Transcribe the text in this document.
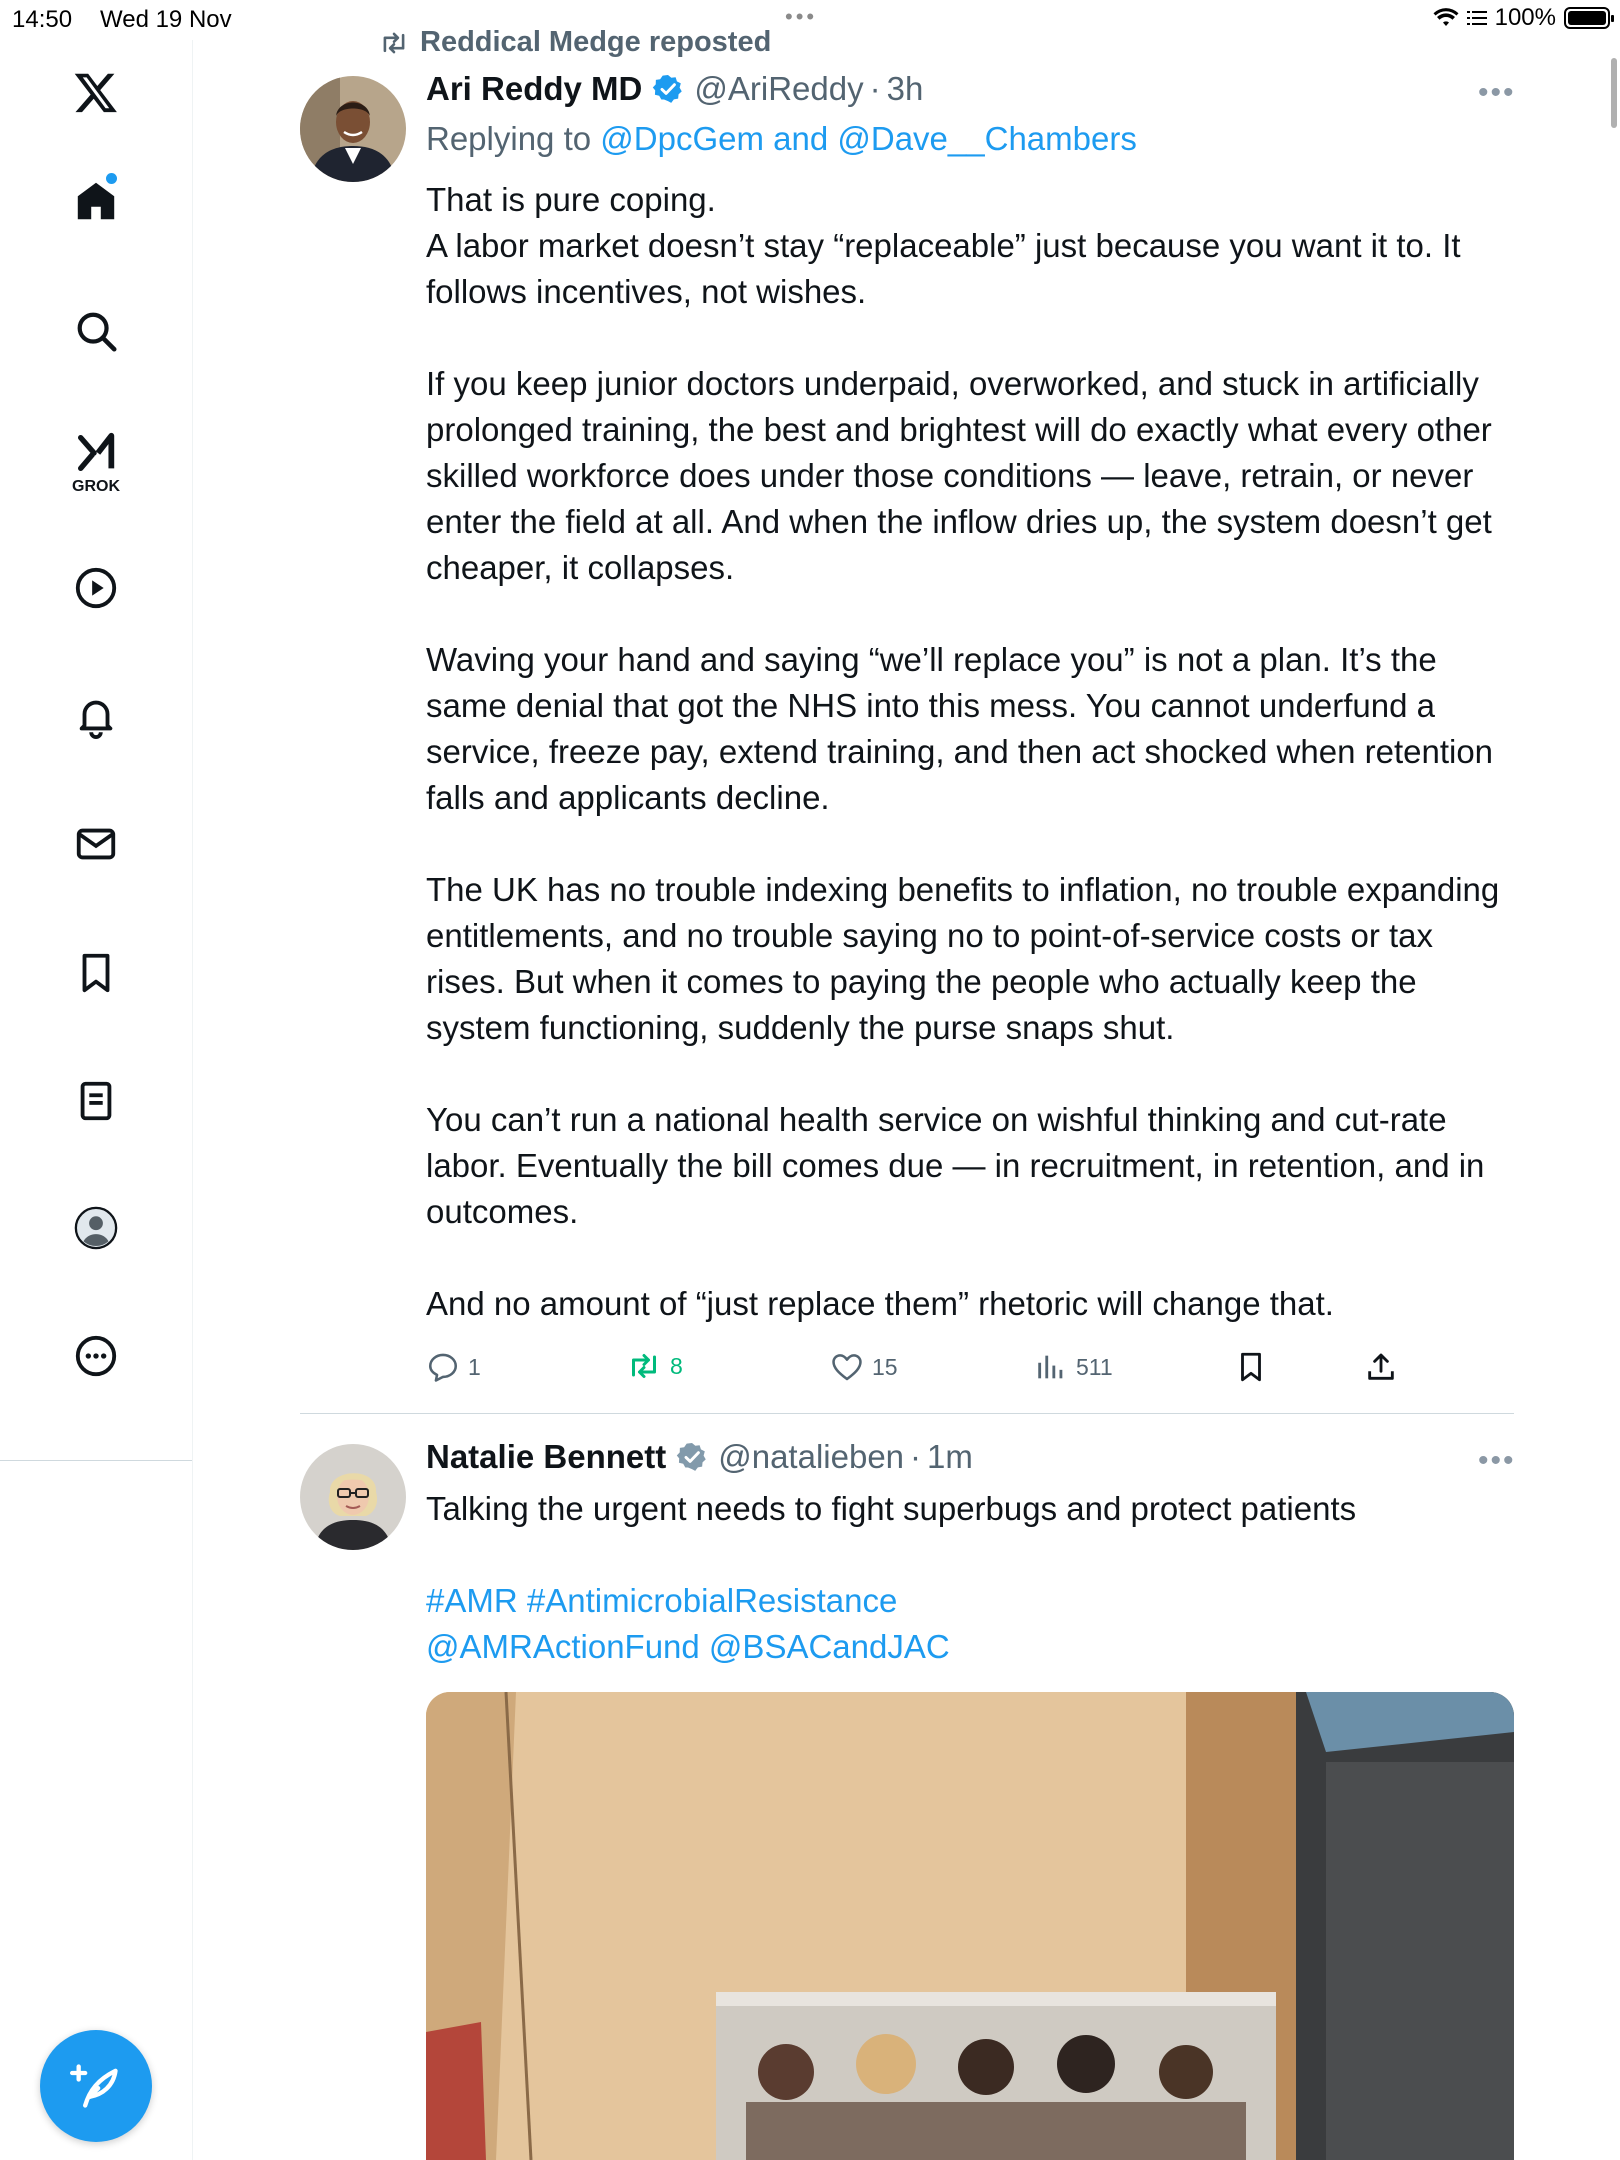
14:50 Wed 19 Nov	•••	100%
GROK
Reddical Medge reposted
Ari Reddy MD @AriReddy · 3h	•••
Replying to @DpcGem and @Dave__Chambers

That is pure coping.

A labor market doesn’t stay “replaceable” just because you want it to. It follows incentives, not wishes.

If you keep junior doctors underpaid, overworked, and stuck in artificially prolonged training, the best and brightest will do exactly what every other skilled workforce does under those conditions — leave, retrain, or never enter the field at all. And when the inflow dries up, the system doesn’t get cheaper, it collapses.

Waving your hand and saying “we’ll replace you” is not a plan. It’s the same denial that got the NHS into this mess. You cannot underfund a service, freeze pay, extend training, and then act shocked when retention falls and applicants decline.

The UK has no trouble indexing benefits to inflation, no trouble expanding entitlements, and no trouble saying no to point-of-service costs or tax rises. But when it comes to paying the people who actually keep the system functioning, suddenly the purse snaps shut.

You can’t run a national health service on wishful thinking and cut-rate labor. Eventually the bill comes due — in recruitment, in retention, and in outcomes.

And no amount of “just replace them” rhetoric will change that.

1	8	15	511
Natalie Bennett @natalieben · 1m	•••

Talking the urgent needs to fight superbugs and protect patients

#AMR #AntimicrobialResistance

@AMRActionFund @BSACandJAC
